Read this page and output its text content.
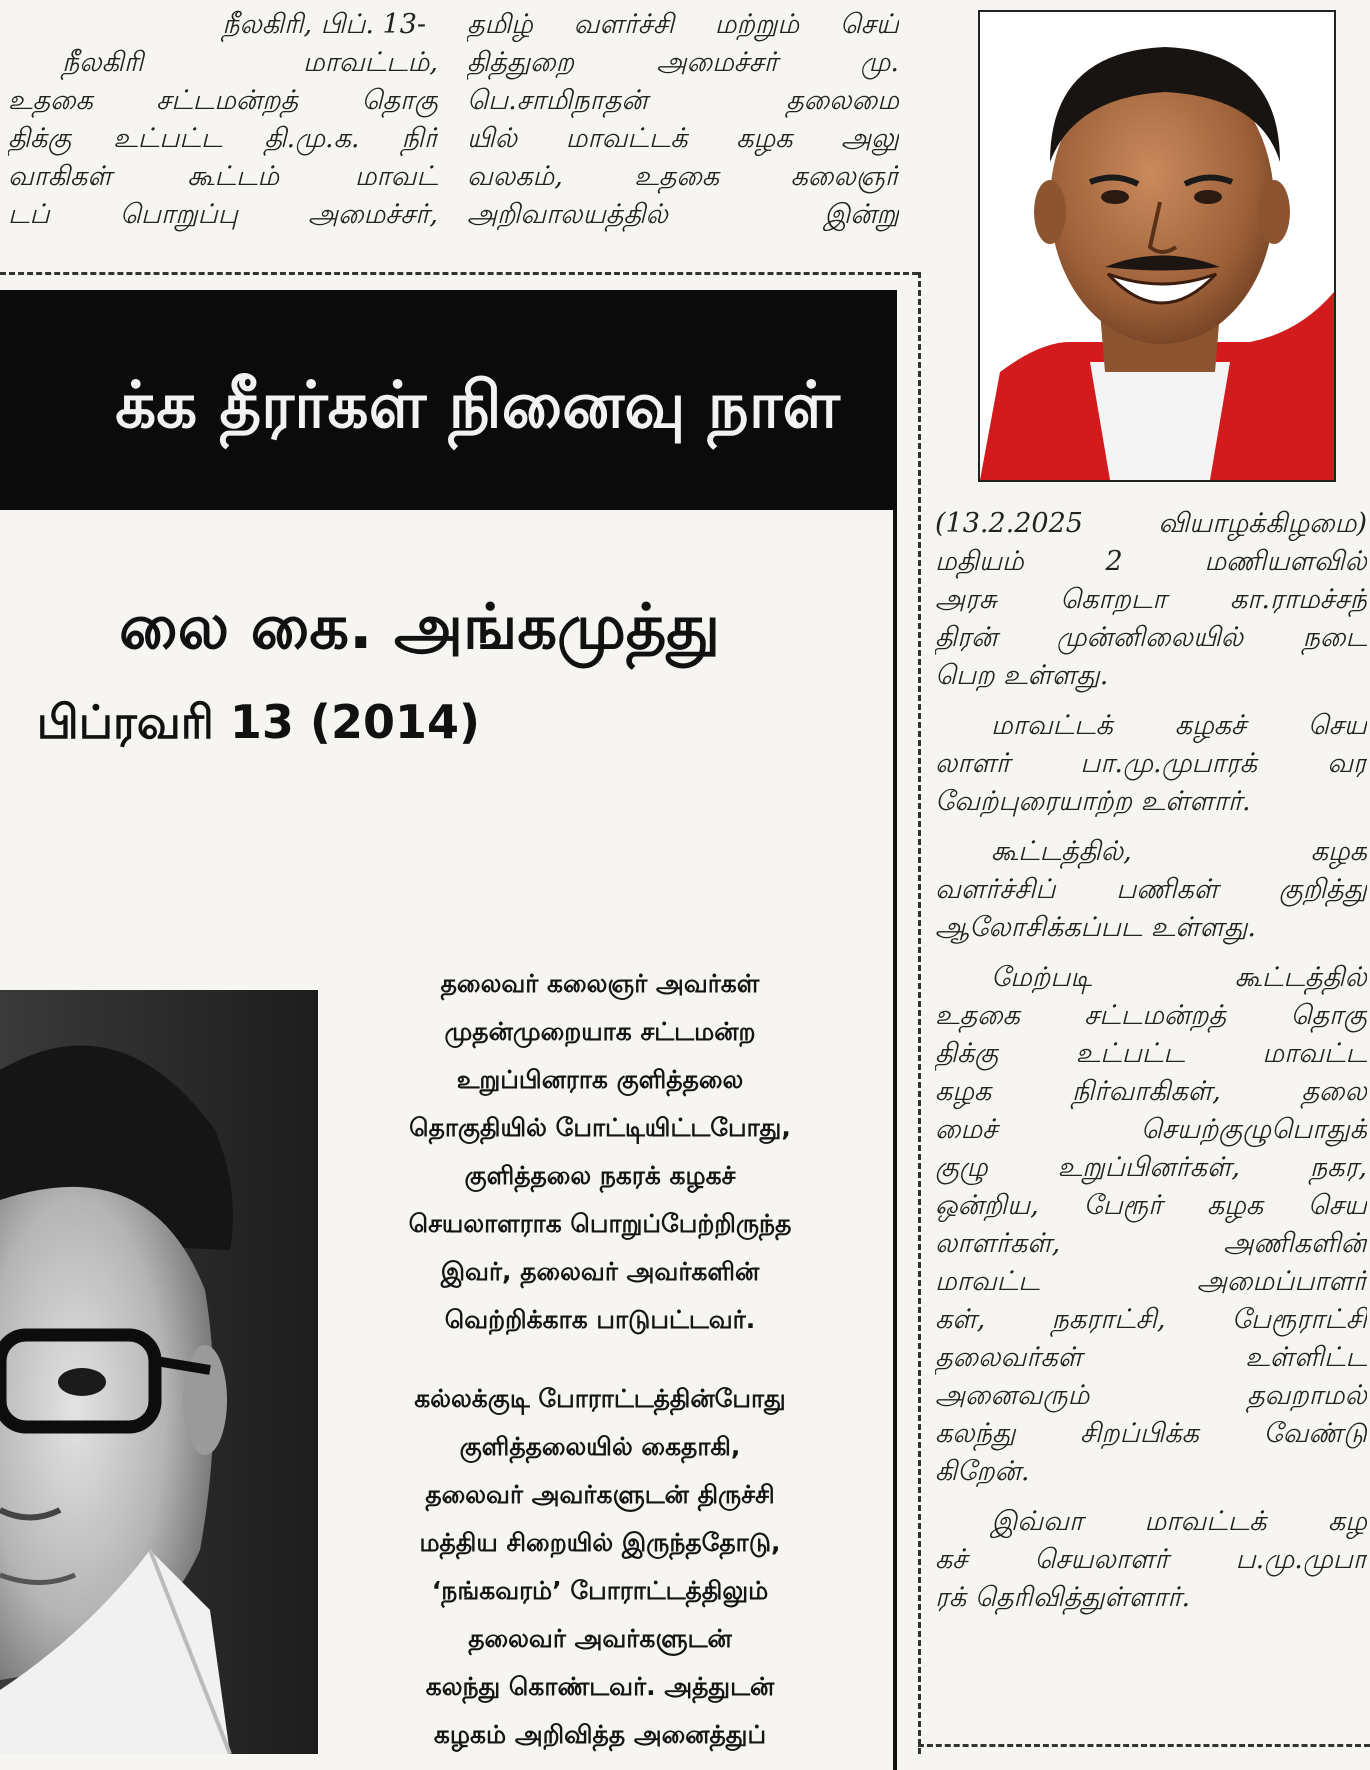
நீலகிரி, பிப். 13-
நீலகிரி மாவட்டம்,
உதகை சட்டமன்றத் தொகு
திக்கு உட்பட்ட தி.மு.க. நிர்
வாகிகள் கூட்டம் மாவட்
டப் பொறுப்பு அமைச்சர்,
தமிழ் வளர்ச்சி மற்றும் செய்
தித்துறை அமைச்சர் மு.
பெ.சாமிநாதன் தலைமை
யில் மாவட்டக் கழக அலு
வலகம், உதகை கலைஞர்
அறிவாலயத்தில் இன்று
க்க தீரர்கள் நினைவு நாள்
லை கை. அங்கமுத்து
பிப்ரவரி 13 (2014)
தலைவர் கலைஞர் அவர்கள்
முதன்முறையாக சட்டமன்ற
உறுப்பினராக குளித்தலை
தொகுதியில் போட்டியிட்டபோது,
குளித்தலை நகரக் கழகச்
செயலாளராக பொறுப்பேற்றிருந்த
இவர், தலைவர் அவர்களின்
வெற்றிக்காக பாடுபட்டவர்.
கல்லக்குடி போராட்டத்தின்போது
குளித்தலையில் கைதாகி,
தலைவர் அவர்களுடன் திருச்சி
மத்திய சிறையில் இருந்ததோடு,
‘நங்கவரம்’ போராட்டத்திலும்
தலைவர் அவர்களுடன்
கலந்து கொண்டவர். அத்துடன்
கழகம் அறிவித்த அனைத்துப்
(13.2.2025 வியாழக்கிழமை)
மதியம் 2 மணியளவில்
அரசு கொறடா கா.ராமச்சந்
திரன் முன்னிலையில் நடை
பெற உள்ளது.
மாவட்டக் கழகச் செய
லாளர் பா.மு.முபாரக் வர
வேற்புரையாற்ற உள்ளார்.
கூட்டத்தில், கழக
வளர்ச்சிப் பணிகள் குறித்து
ஆலோசிக்கப்பட உள்ளது.
மேற்படி கூட்டத்தில்
உதகை சட்டமன்றத் தொகு
திக்கு உட்பட்ட மாவட்ட
கழக நிர்வாகிகள், தலை
மைச் செயற்குழுபொதுக்
குழு உறுப்பினர்கள், நகர,
ஒன்றிய, பேரூர் கழக செய
லாளர்கள், அணிகளின்
மாவட்ட அமைப்பாளர்
கள், நகராட்சி, பேரூராட்சி
தலைவர்கள் உள்ளிட்ட
அனைவரும் தவறாமல்
கலந்து சிறப்பிக்க வேண்டு
கிறேன்.
இவ்வா மாவட்டக் கழ
கச் செயலாளர் ப.மு.முபா
ரக் தெரிவித்துள்ளார்.
